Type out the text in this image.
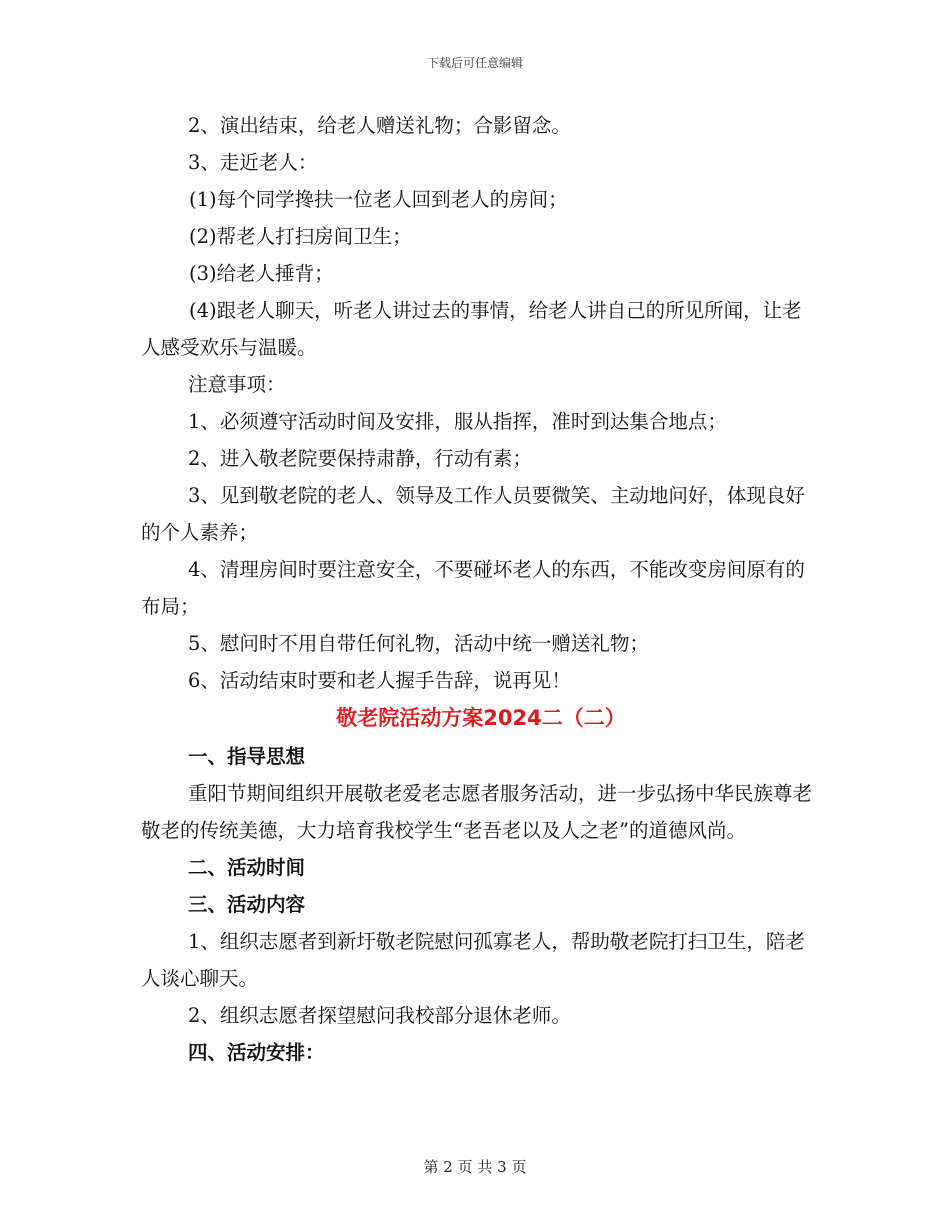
下载后可任意编辑

2、演出结束，给老人赠送礼物；合影留念。

3、走近老人：

(1)每个同学搀扶一位老人回到老人的房间；

(2)帮老人打扫房间卫生；

(3)给老人捶背；

(4)跟老人聊天，听老人讲过去的事情，给老人讲自己的所见所闻，让老人感受欢乐与温暖。

注意事项：

1、必须遵守活动时间及安排，服从指挥，准时到达集合地点；

2、进入敬老院要保持肃静，行动有素；

3、见到敬老院的老人、领导及工作人员要微笑、主动地问好，体现良好的个人素养；

4、清理房间时要注意安全，不要碰坏老人的东西，不能改变房间原有的布局；

5、慰问时不用自带任何礼物，活动中统一赠送礼物；

6、活动结束时要和老人握手告辞，说再见！

敬老院活动方案2024二（二）
一、指导思想

重阳节期间组织开展敬老爱老志愿者服务活动，进一步弘扬中华民族尊老敬老的传统美德，大力培育我校学生“老吾老以及人之老”的道德风尚。

二、活动时间
三、活动内容

1、组织志愿者到新圩敬老院慰问孤寡老人，帮助敬老院打扫卫生，陪老人谈心聊天。

2、组织志愿者探望慰问我校部分退休老师。

四、活动安排：
第 2 页 共 3 页
